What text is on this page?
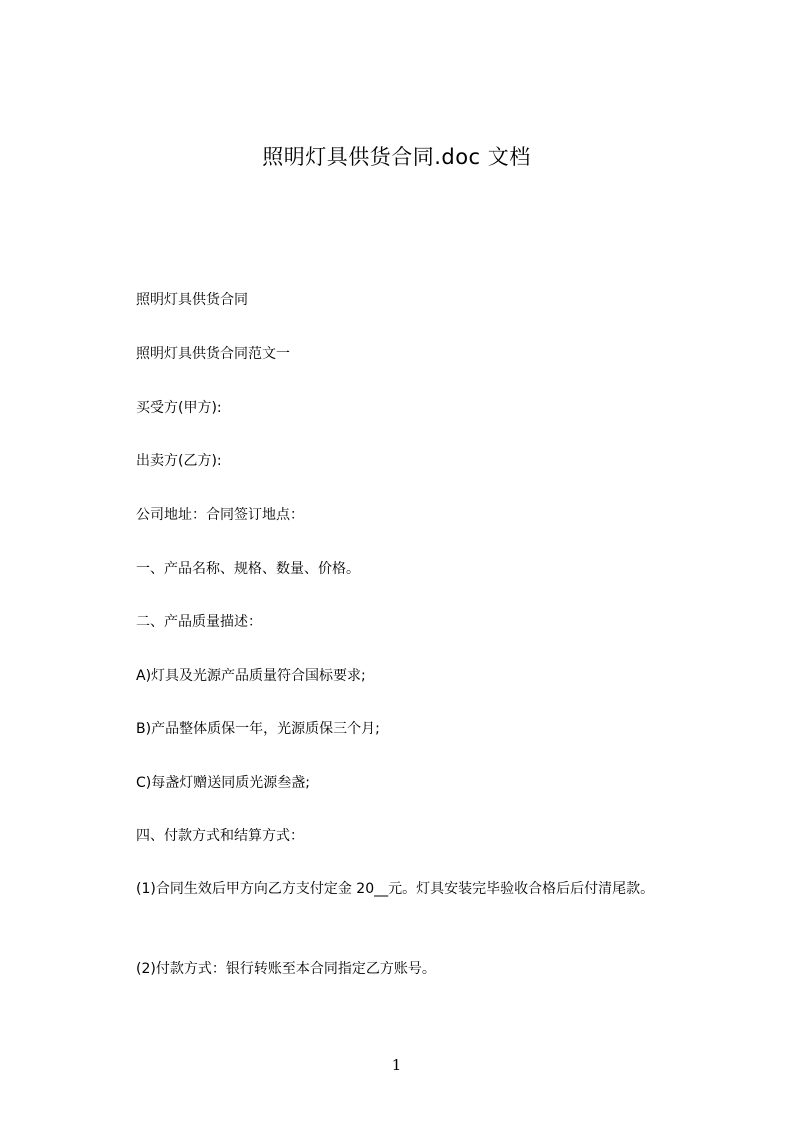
照明灯具供货合同.doc 文档
照明灯具供货合同
照明灯具供货合同范文一
买受方(甲方):
出卖方(乙方):
公司地址：合同签订地点：
一、产品名称、规格、数量、价格。
二、产品质量描述：
A)灯具及光源产品质量符合国标要求;
B)产品整体质保一年，光源质保三个月;
C)每盏灯赠送同质光源叁盏;
四、付款方式和结算方式：
(1)合同生效后甲方向乙方支付定金 20__元。灯具安装完毕验收合格后后付清尾款。
(2)付款方式：银行转账至本合同指定乙方账号。
1
